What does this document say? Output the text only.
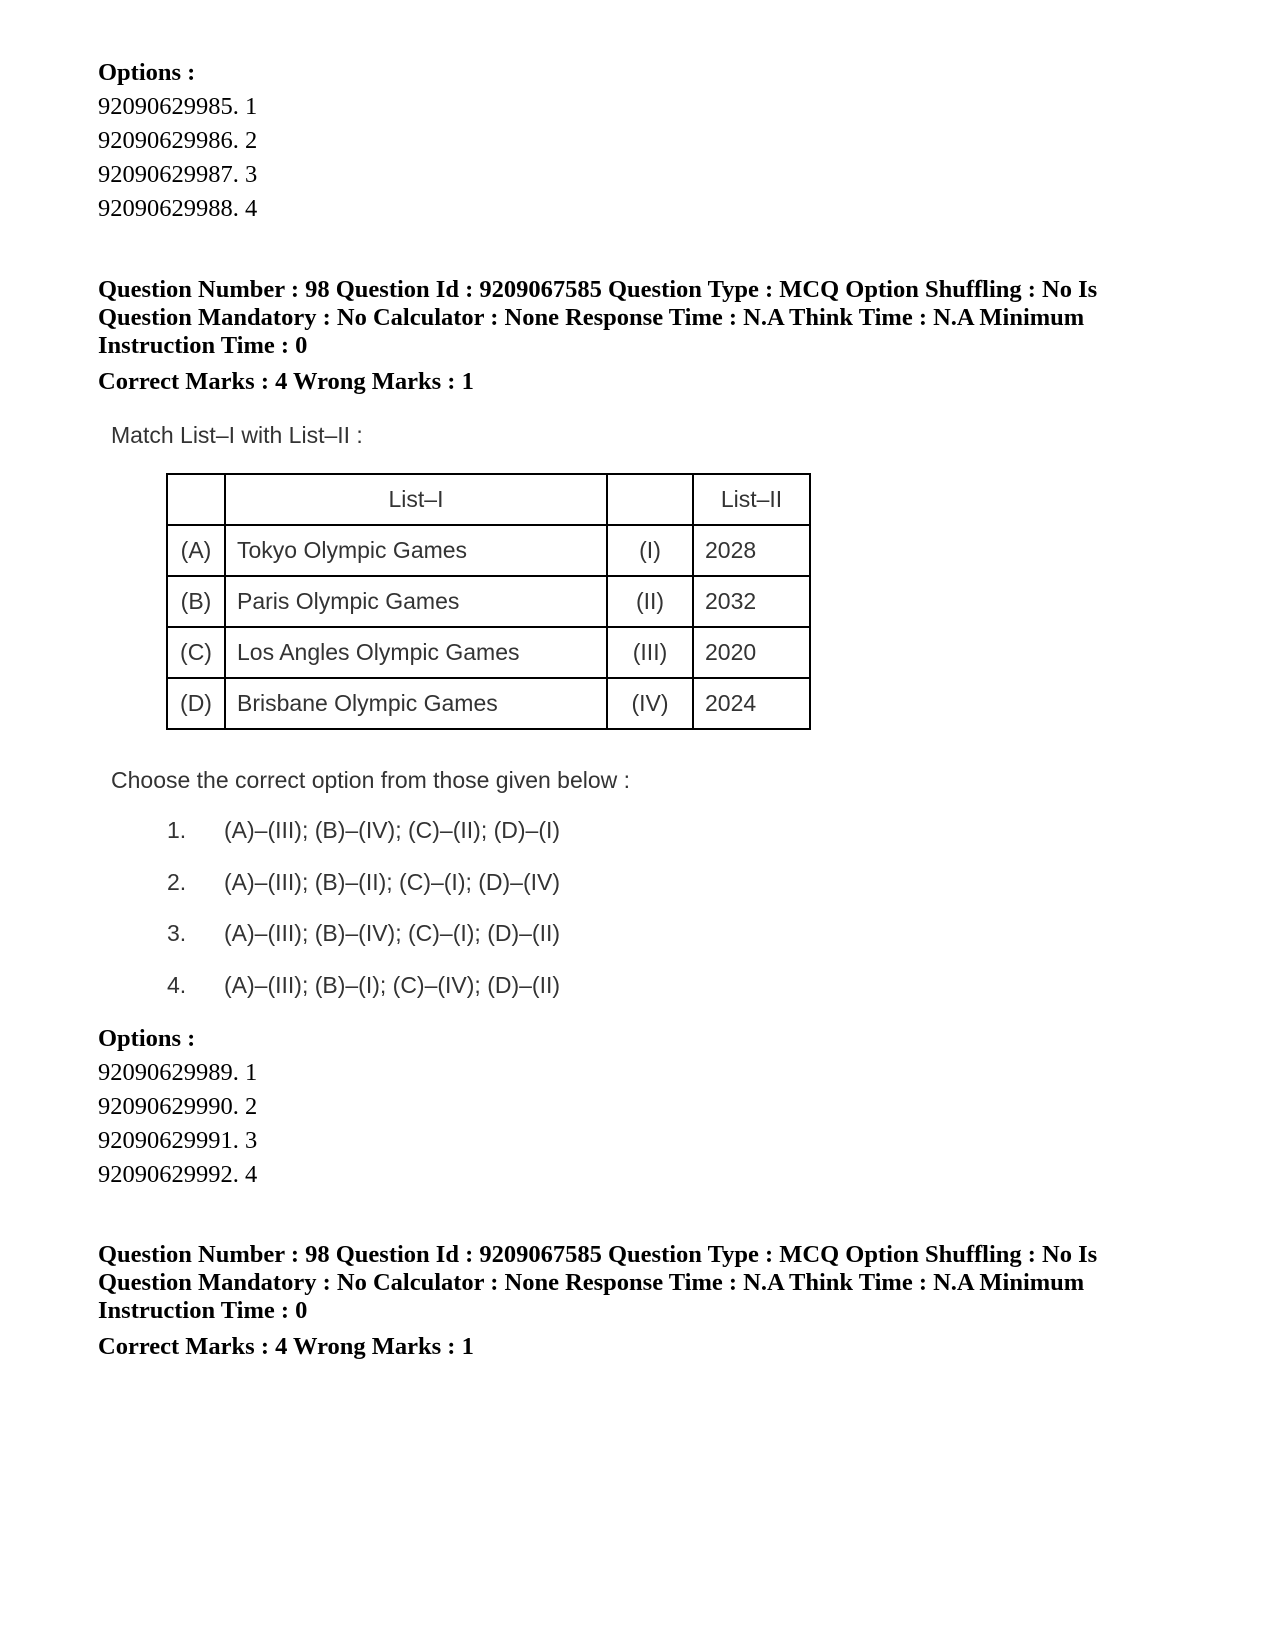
Options :
92090629985. 1
92090629986. 2
92090629987. 3
92090629988. 4
Question Number : 98 Question Id : 9209067585 Question Type : MCQ Option Shuffling : No Is
Question Mandatory : No Calculator : None Response Time : N.A Think Time : N.A Minimum
Instruction Time : 0
Correct Marks : 4 Wrong Marks : 1
Match List–I with List–II :
	List–I		List–II
(A)	Tokyo Olympic Games	(I)	2028
(B)	Paris Olympic Games	(II)	2032
(C)	Los Angles Olympic Games	(III)	2020
(D)	Brisbane Olympic Games	(IV)	2024
Choose the correct option from those given below :
1. (A)–(III); (B)–(IV); (C)–(II); (D)–(I)
2. (A)–(III); (B)–(II); (C)–(I); (D)–(IV)
3. (A)–(III); (B)–(IV); (C)–(I); (D)–(II)
4. (A)–(III); (B)–(I); (C)–(IV); (D)–(II)
Options :
92090629989. 1
92090629990. 2
92090629991. 3
92090629992. 4
Question Number : 98 Question Id : 9209067585 Question Type : MCQ Option Shuffling : No Is
Question Mandatory : No Calculator : None Response Time : N.A Think Time : N.A Minimum
Instruction Time : 0
Correct Marks : 4 Wrong Marks : 1
